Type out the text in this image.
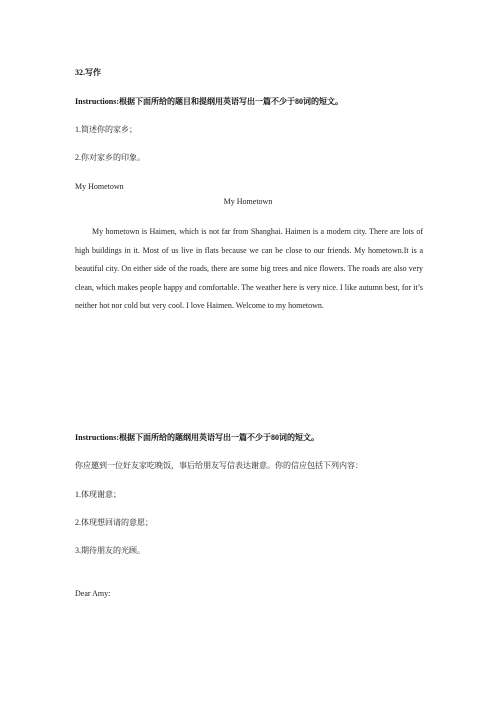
32.写作
Instructions:根据下面所给的题目和提纲用英语写出一篇不少于80词的短文。
1.简述你的家乡；
2.你对家乡的印象。
My Hometown
My Hometown
My hometown is Haimen, which is not far from Shanghai. Haimen is a modern city. There are lots of high buildings in it. Most of us live in flats because we can be close to our friends. My hometown.It is a beautiful city. On either side of the roads, there are some big trees and nice flowers. The roads are also very clean, which makes people happy and comfortable. The weather here is very nice. I like autumn best, for it’s neither hot nor cold but very cool. I love Haimen. Welcome to my hometown.
Instructions:根据下面所给的题纲用英语写出一篇不少于80词的短文。
你应邀到一位好友家吃晚饭，事后给朋友写信表达谢意。你的信应包括下列内容：
1.体现谢意；
2.体现想回请的意愿；
3.期待朋友的光顾。
Dear Amy:
